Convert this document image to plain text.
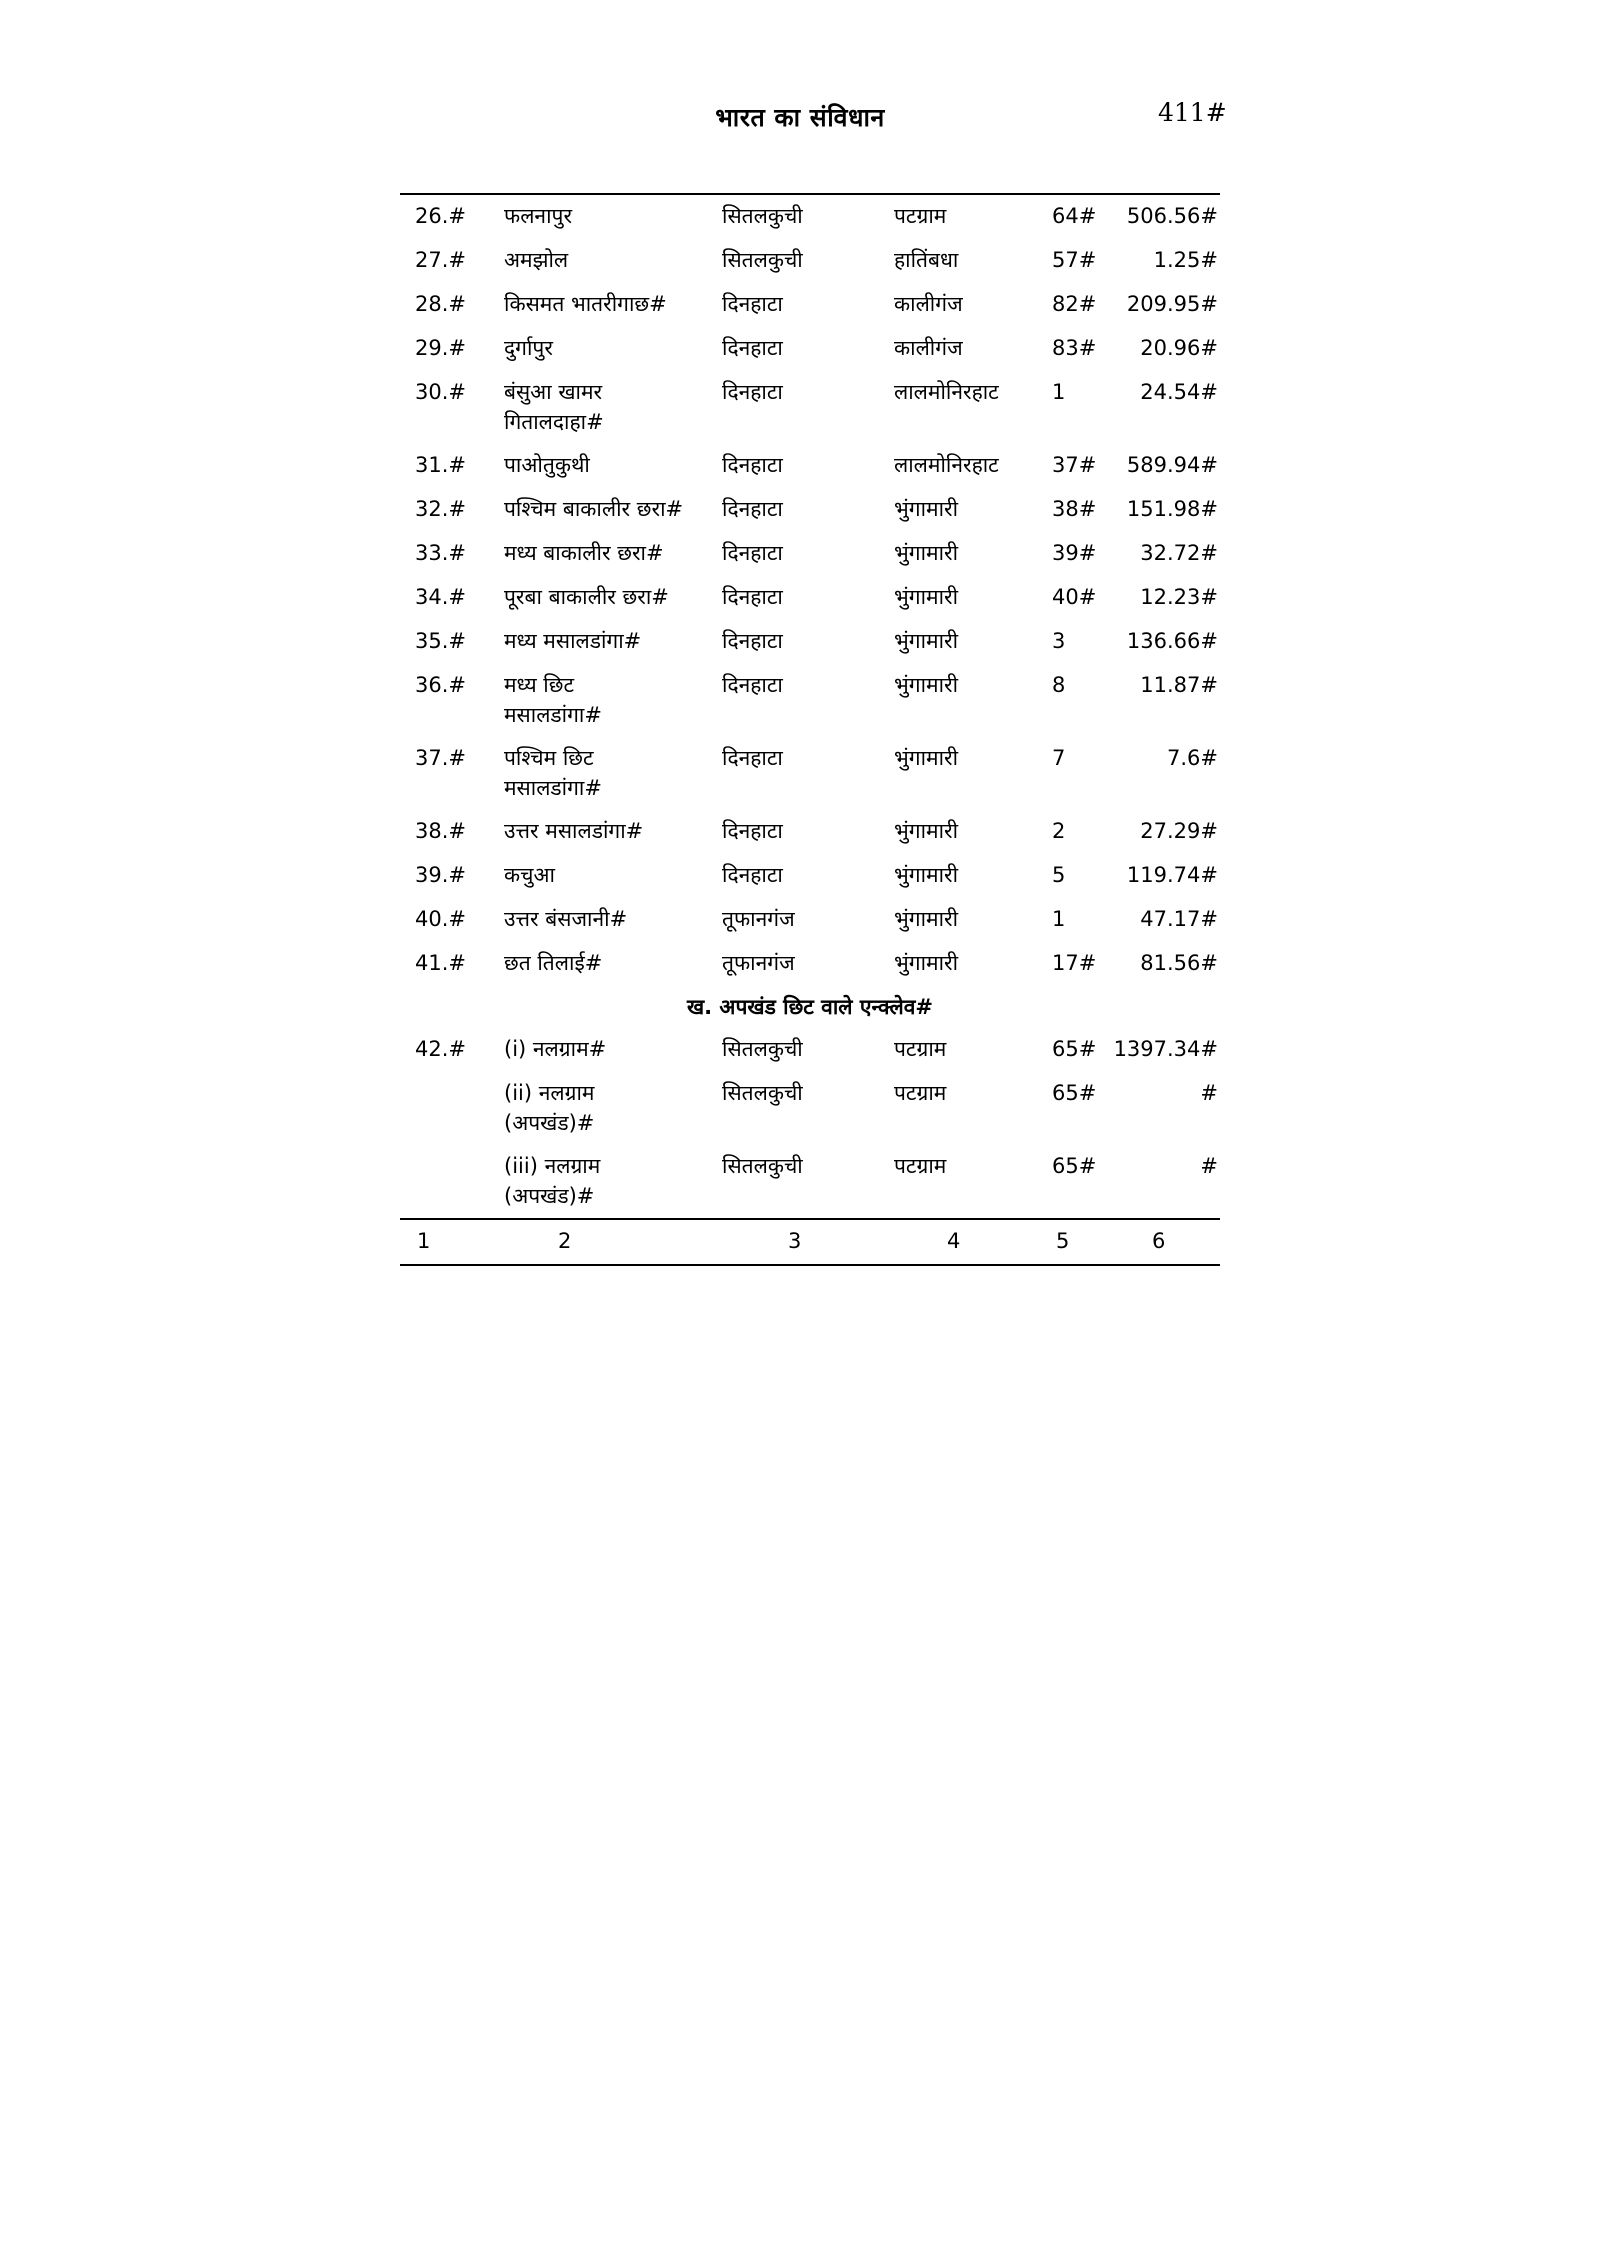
भारत का संविधान	411#
26.# फलनापुर	सितलकुची	पटग्राम	64# 506.56#
27.# अमझोल	सितलकुची	हातिंबधा	57#	1.25#
28.# किसमत भातरीगाछ#	दिनहाटा	कालीगंज	82# 209.95#
29.# दुर्गापुर	दिनहाटा	कालीगंज	83# 20.96#
30.# बंसुआ खामर
गितालदाहा#
दिनहाटा	लालमोनिरहाट	1	24.54#
31.# पाओतुकुथी	दिनहाटा	लालमोनिरहाट	37# 589.94#
32.# पश्चिम बाकालीर छरा# दिनहाटा	भुंगामारी	38# 151.98#
33.# मध्य बाकालीर छरा#	दिनहाटा	भुंगामारी	39# 32.72#
34.# पूरबा बाकालीर छरा#	दिनहाटा	भुंगामारी	40# 12.23#
35.# मध्य मसालडांगा#	दिनहाटा	भुंगामारी	3	136.66#
36.# मध्य छिट
मसालडांगा#
दिनहाटा	भुंगामारी	8	11.87#
37.# पश्चिम छिट
मसालडांगा#
दिनहाटा	भुंगामारी	7	7.6#
38.# उत्तर मसालडांगा#	दिनहाटा	भुंगामारी	2	27.29#
39.# कचुआ	दिनहाटा	भुंगामारी	5	119.74#
40.# उत्तर बंसजानी#	तूफानगंज	भुंगामारी	1	47.17#
41.# छत तिलाई#	तूफानगंज	भुंगामारी	17# 81.56#
ख. अपखंड छिट वाले एन्क्लेव#
42.# (i) नलग्राम#	सितलकुची	पटग्राम	65# 1397.34#
(ii) नलग्राम
(अपखंड)#
सितलकुची	पटग्राम	65#	#
(iii) नलग्राम
(अपखंड)#
सितलकुची	पटग्राम	65#	#
1	2	3	4	5	6
